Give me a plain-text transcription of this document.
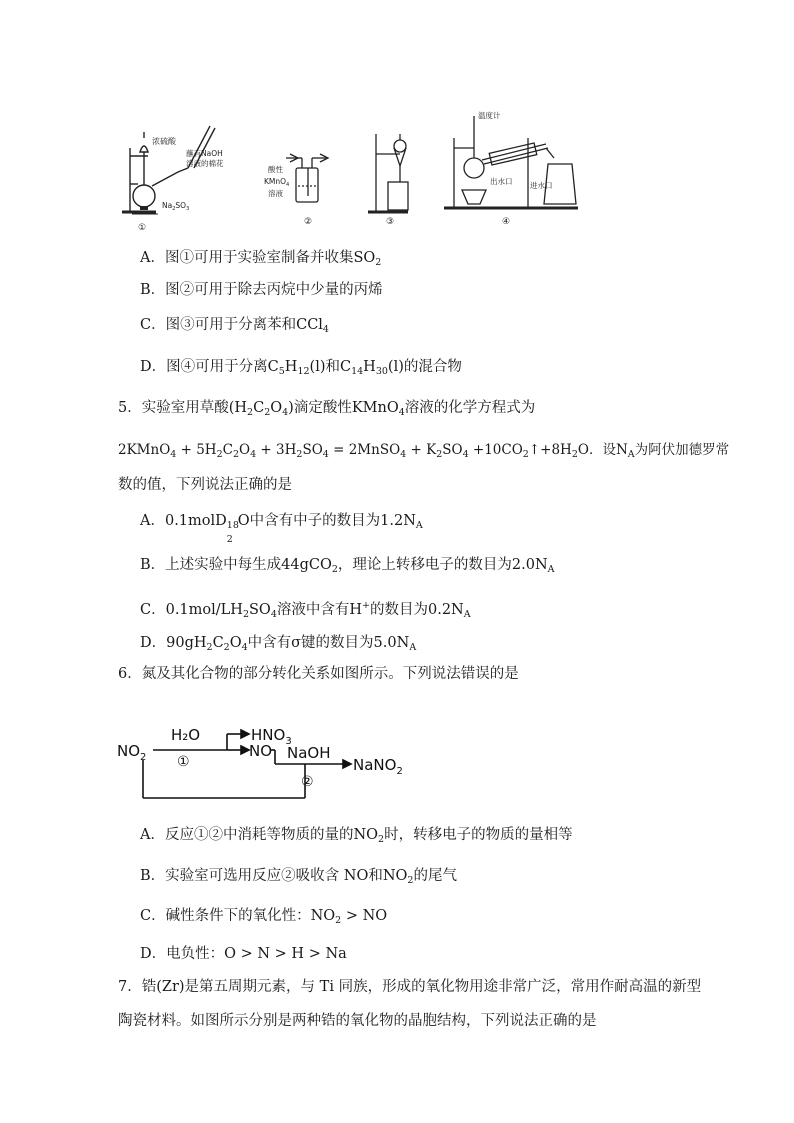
浓硫酸
蘸有NaOH
溶液的棉花
$Na_2SO_3$
①
酸性
KMnO$_4$
溶液
②	③
温度计
出水口 进水口
④
A．图①可用于实验室制备并收集$SO_2$
B．图②可用于除去丙烷中少量的丙烯
C．图③可用于分离苯和CCl$_4$
D．图④可用于分离$C_5H_{12}(l)$和$C_{14}H_{30}(l)$的混合物
5．实验室用草酸$(H_2C_2O_4)$滴定酸性KMnO$_4$溶液的化学方程式为
2KMnO$_4$ + $5H_2C_2O_4 + 3H_2SO_4$ = 2MnSO$_4$ + $K_2SO_4$ $+10CO_2↑+8H_2O$．设$N_A$为阿伏加德罗常
数的值，下列说法正确的是
A．0.1molD 18
2
O中含有中子的数目为$1.2N_A$
B．上述实验中每生成44gCO$_2$，理论上转移电子的数目为$2.0N_A$
C．$0.1mol/LH_2SO_4$溶液中含有H+的数目为$0.2N_A$
D．$90gH_2C_2O_4$中含有σ键的数目为$5.0N_A$
6．氮及其化合物的部分转化关系如图所示。下列说法错误的是
$NO_2$
H₂O
①
$HNO_3$
NO NaOH
②
NaNO$_2$
A．反应①②中消耗等物质的量的$NO_2$时，转移电子的物质的量相等
B．实验室可选用反应②吸收含 NO和$NO_2$的尾气
C．碱性条件下的氧化性：$NO_2$ > NO
D．电负性：O > N > H > Na
7．锆(Zr)是第五周期元素，与 Ti 同族，形成的氧化物用途非常广泛，常用作耐高温的新型
陶瓷材料。如图所示分别是两种锆的氧化物的晶胞结构，下列说法正确的是
